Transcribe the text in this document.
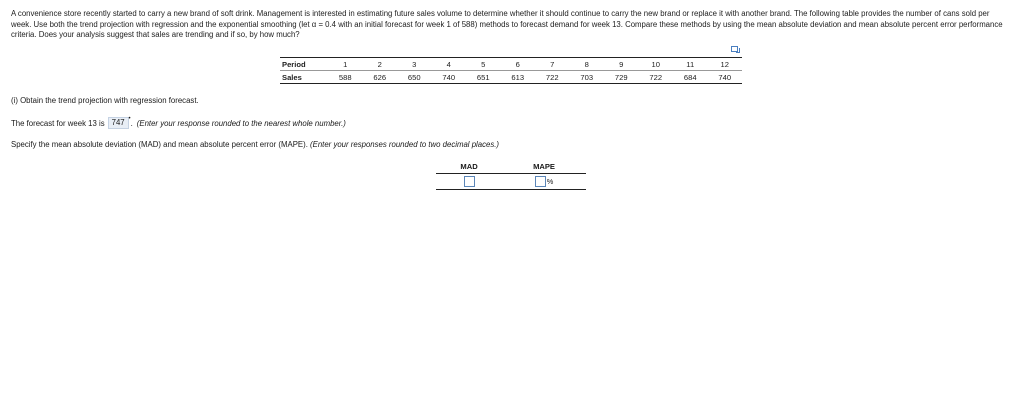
A convenience store recently started to carry a new brand of soft drink. Management is interested in estimating future sales volume to determine whether it should continue to carry the new brand or replace it with another brand. The following table provides the number of cans sold per week. Use both the trend projection with regression and the exponential smoothing (let α = 0.4 with an initial forecast for week 1 of 588) methods to forecast demand for week 13. Compare these methods by using the mean absolute deviation and mean absolute percent error performance criteria. Does your analysis suggest that sales are trending and if so, by how much?
Period	1	2	3	4	5	6	7	8	9	10	11	12
Sales	588	626	650	740	651	613	722	703	729	722	684	740
(i) Obtain the trend projection with regression forecast.
The forecast for week 13 is 747 • . (Enter your response rounded to the nearest whole number.)
Specify the mean absolute deviation (MAD) and mean absolute percent error (MAPE). (Enter your responses rounded to two decimal places.)
MAD	MAPE
	%
